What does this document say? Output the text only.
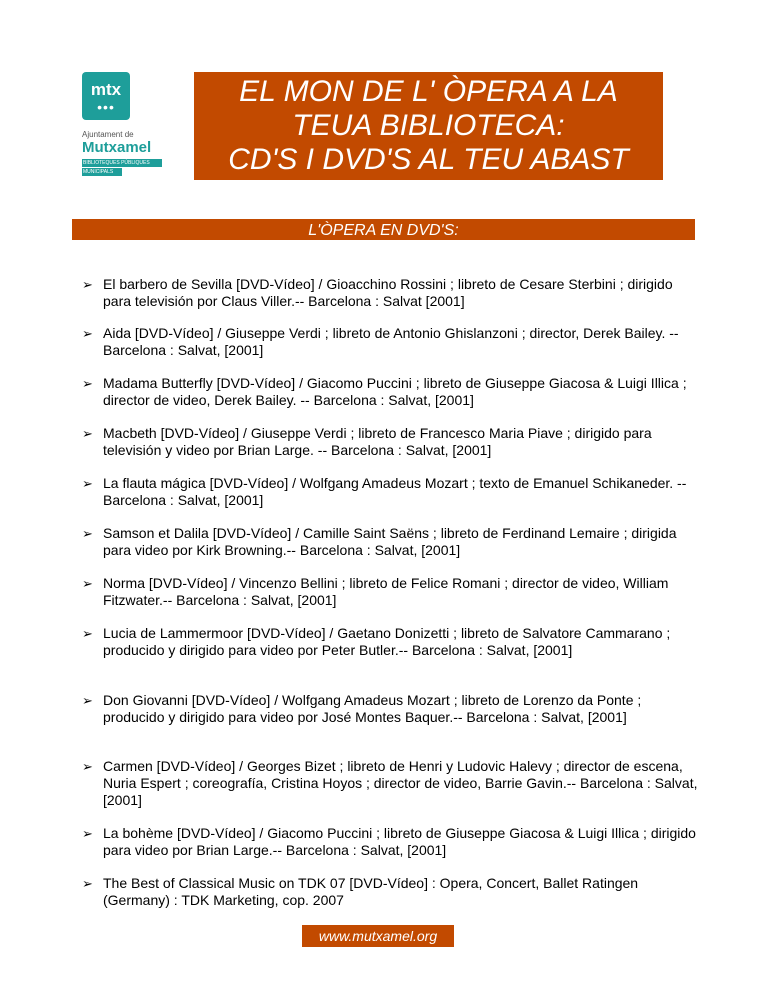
mtx
•••
Ajuntament de
Mutxamel
BIBLIOTEQUES PÚBLIQUES
MUNICIPALS
EL MON DE L' ÒPERA A LA
TEUA BIBLIOTECA:
CD'S I DVD'S AL TEU ABAST
L'ÒPERA EN DVD'S:
➢ El barbero de Sevilla [DVD-Vídeo] / Gioacchino Rossini ; libreto de Cesare Sterbini ; dirigido para televisión por Claus Viller.-- Barcelona : Salvat [2001]
➢ Aida [DVD-Vídeo] / Giuseppe Verdi ; libreto de Antonio Ghislanzoni ; director, Derek Bailey. -- Barcelona : Salvat, [2001]
➢ Madama Butterfly [DVD-Vídeo] / Giacomo Puccini ; libreto de Giuseppe Giacosa & Luigi Illica ; director de video, Derek Bailey. -- Barcelona : Salvat, [2001]
➢ Macbeth [DVD-Vídeo] / Giuseppe Verdi ; libreto de Francesco Maria Piave ; dirigido para televisión y video por Brian Large. -- Barcelona : Salvat, [2001]
➢ La flauta mágica [DVD-Vídeo] / Wolfgang Amadeus Mozart ; texto de Emanuel Schikaneder. -- Barcelona : Salvat, [2001]
➢ Samson et Dalila [DVD-Vídeo] / Camille Saint Saëns ; libreto de Ferdinand Lemaire ; dirigida para video por Kirk Browning.-- Barcelona : Salvat, [2001]
➢ Norma [DVD-Vídeo] / Vincenzo Bellini ; libreto de Felice Romani ; director de video, William Fitzwater.-- Barcelona : Salvat, [2001]
➢ Lucia de Lammermoor [DVD-Vídeo] / Gaetano Donizetti ; libreto de Salvatore Cammarano ; producido y dirigido para video por Peter Butler.-- Barcelona : Salvat, [2001]
➢ Don Giovanni [DVD-Vídeo] / Wolfgang Amadeus Mozart ; libreto de Lorenzo da Ponte ; producido y dirigido para video por José Montes Baquer.-- Barcelona : Salvat, [2001]
➢ Carmen [DVD-Vídeo] / Georges Bizet ; libreto de Henri y Ludovic Halevy ; director de escena, Nuria Espert ; coreografía, Cristina Hoyos ; director de video, Barrie Gavin.-- Barcelona : Salvat, [2001]
➢ La bohème [DVD-Vídeo] / Giacomo Puccini ; libreto de Giuseppe Giacosa & Luigi Illica ; dirigido para video por Brian Large.-- Barcelona : Salvat, [2001]
➢ The Best of Classical Music on TDK 07 [DVD-Vídeo] : Opera, Concert, Ballet Ratingen (Germany) : TDK Marketing, cop. 2007
www.mutxamel.org
